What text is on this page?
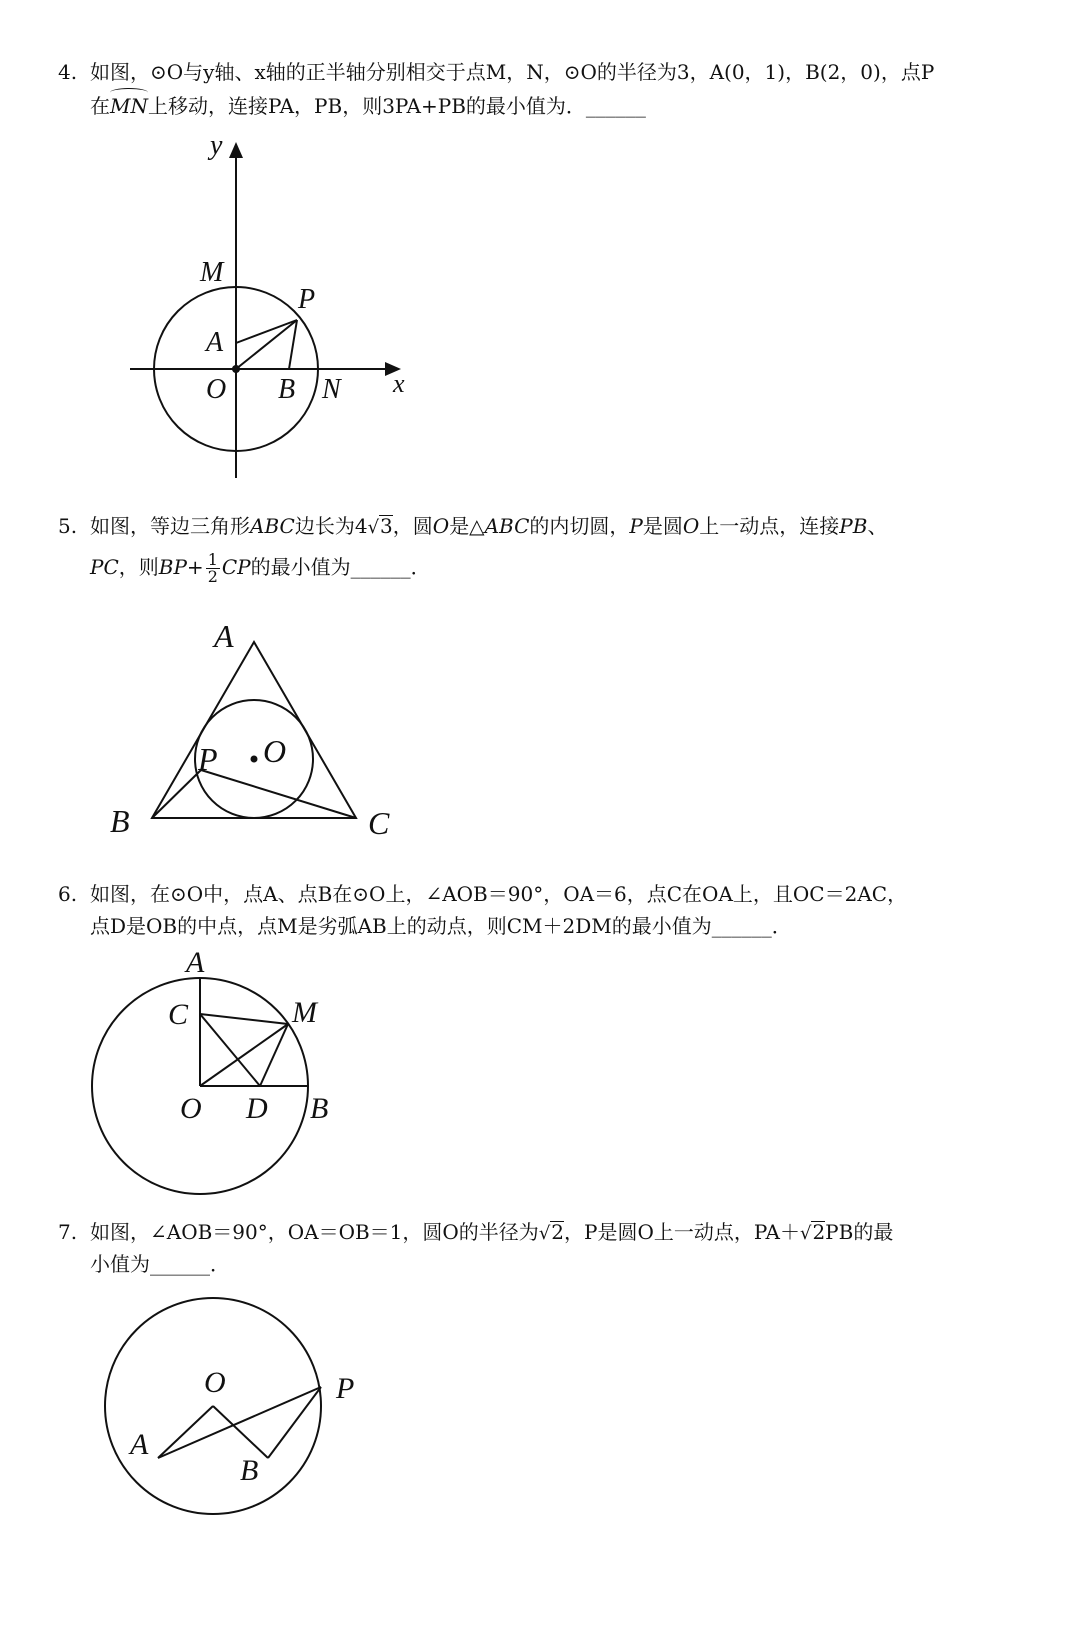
4. 如图，⊙O与y轴、x轴的正半轴分别相交于点M，N，⊙O的半径为3，A(0，1)，B(2，0)，点P
在
MN上移动，连接PA，PB，则3PA+PB的最小值为．______
y
x
M
P
A
O B N
5. 如图，等边三角形ABC边长为4√3，圆O是△ABC的内切圆，P是圆O上一动点，连接PB、
PC，则$BP+ \frac{1}{2}$ CP的最小值为______．
A
B	C
P O
6. 如图，在⊙O中，点A、点B在⊙O上，∠AOB＝90°，OA＝6，点C在OA上，且OC＝2AC，
点D是OB的中点，点M是劣弧AB上的动点，则CM＋2DM的最小值为______．
A
C	M
O D B
7. 如图，∠AOB＝90°，OA＝OB＝1，圆O的半径为√2，P是圆O上一动点，PA＋√2PB的最
小值为______．
O	P
A
B
